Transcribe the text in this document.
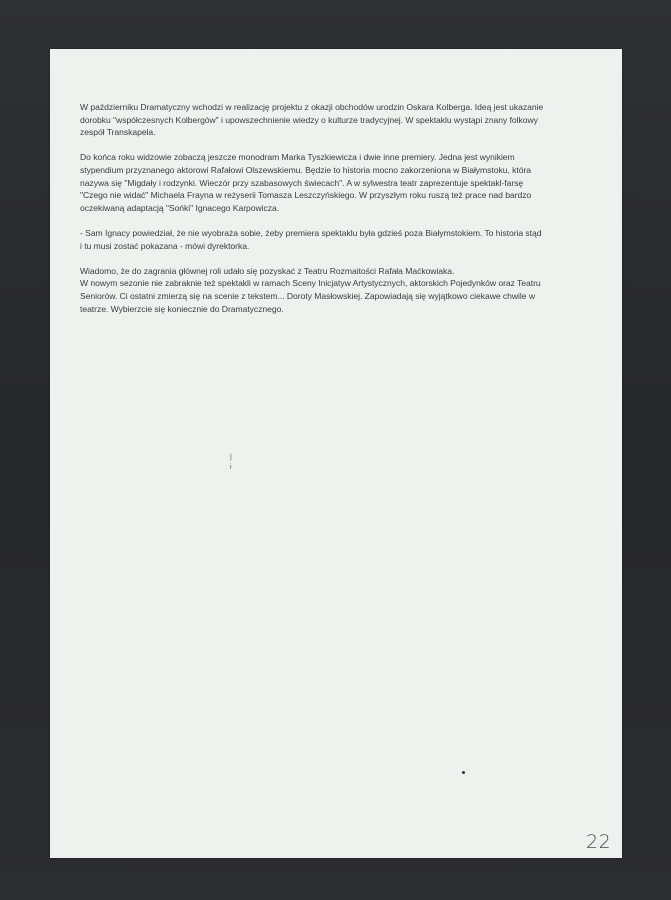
W październiku Dramatyczny wchodzi w realizację projektu z okazji obchodów urodzin Oskara Kolberga. Ideą jest ukazanie
dorobku "współczesnych Kolbergów" i upowszechnienie wiedzy o kulturze tradycyjnej. W spektaklu wystąpi znany folkowy
zespół Transkapela.

Do końca roku widzowie zobaczą jeszcze monodram Marka Tyszkiewicza i dwie inne premiery. Jedna jest wynikiem
stypendium przyznanego aktorowi Rafałowi Olszewskiemu. Będzie to historia mocno zakorzeniona w Białymstoku, która
nazywa się "Migdały i rodzynki. Wieczór przy szabasowych świecach". A w sylwestra teatr zaprezentuje spektakl-farsę
"Czego nie widać" Michaela Frayna w reżyserii Tomasza Leszczyńskiego. W przyszłym roku ruszą też prace nad bardzo
oczekiwaną adaptacją "Sońki" Ignacego Karpowicza.

- Sam Ignacy powiedział, że nie wyobraża sobie, żeby premiera spektaklu była gdzieś poza Białymstokiem. To historia stąd
i tu musi zostać pokazana - mówi dyrektorka.

Wiadomo, że do zagrania głównej roli udało się pozyskać z Teatru Rozmaitości Rafała Maćkowiaka.
W nowym sezonie nie zabraknie też spektakli w ramach Sceny Inicjatyw Artystycznych, aktorskich Pojedynków oraz Teatru
Seniorów. Ci ostatni zmierzą się na scenie z tekstem... Doroty Masłowskiej. Zapowiadają się wyjątkowo ciekawe chwile w
teatrze. Wybierzcie się koniecznie do Dramatycznego.

|
i
22
